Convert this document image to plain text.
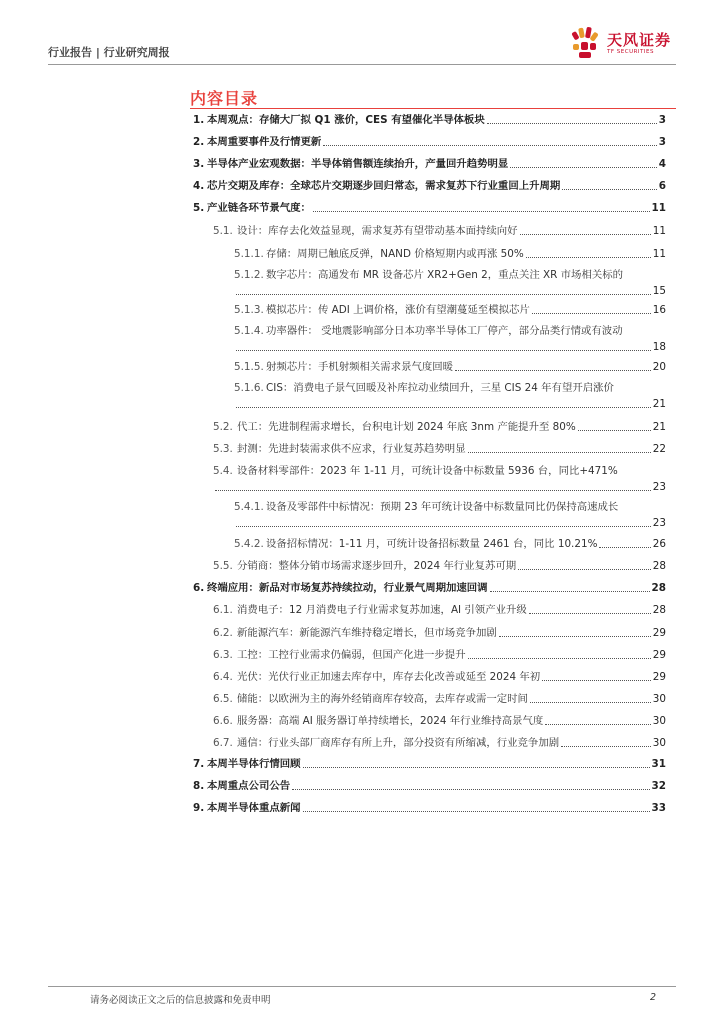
行业报告 | 行业研究周报
天风证券
TF SECURITIES
内容目录
1. 本周观点：存储大厂拟 Q1 涨价，CES 有望催化半导体板块	3
2. 本周重要事件及行情更新	3
3. 半导体产业宏观数据：半导体销售额连续抬升，产量回升趋势明显	4
4. 芯片交期及库存：全球芯片交期逐步回归常态，需求复苏下行业重回上升周期	6
5. 产业链各环节景气度：	11
5.1. 设计：库存去化效益显现，需求复苏有望带动基本面持续向好	11
5.1.1. 存储：周期已触底反弹，NAND 价格短期内或再涨 50%	11
5.1.2. 数字芯片：高通发布 MR 设备芯片 XR2+Gen 2，重点关注 XR 市场相关标的
15
5.1.3. 模拟芯片：传 ADI 上调价格，涨价有望潮蔓延至模拟芯片	16
5.1.4. 功率器件： 受地震影响部分日本功率半导体工厂停产，部分品类行情或有波动
18
5.1.5. 射频芯片：手机射频相关需求景气度回暖	20
5.1.6. CIS：消费电子景气回暖及补库拉动业绩回升，三星 CIS 24 年有望开启涨价
21
5.2. 代工：先进制程需求增长，台积电计划 2024 年底 3nm 产能提升至 80%	21
5.3. 封测：先进封装需求供不应求，行业复苏趋势明显	22
5.4. 设备材料零部件：2023 年 1-11 月，可统计设备中标数量 5936 台，同比+471%
23
5.4.1. 设备及零部件中标情况：预期 23 年可统计设备中标数量同比仍保持高速成长
23
5.4.2. 设备招标情况：1-11 月，可统计设备招标数量 2461 台，同比 10.21%	26
5.5. 分销商：整体分销市场需求逐步回升，2024 年行业复苏可期	28
6. 终端应用：新品对市场复苏持续拉动，行业景气周期加速回调	28
6.1. 消费电子：12 月消费电子行业需求复苏加速，AI 引领产业升级	28
6.2. 新能源汽车：新能源汽车维持稳定增长，但市场竞争加剧	29
6.3. 工控：工控行业需求仍偏弱，但国产化进一步提升	29
6.4. 光伏：光伏行业正加速去库存中，库存去化改善或延至 2024 年初	29
6.5. 储能：以欧洲为主的海外经销商库存较高，去库存或需一定时间	30
6.6. 服务器：高端 AI 服务器订单持续增长，2024 年行业维持高景气度	30
6.7. 通信：行业头部厂商库存有所上升，部分投资有所缩减，行业竞争加剧	30
7. 本周半导体行情回顾	31
8. 本周重点公司公告	32
9. 本周半导体重点新闻	33
请务必阅读正文之后的信息披露和免责申明	2
